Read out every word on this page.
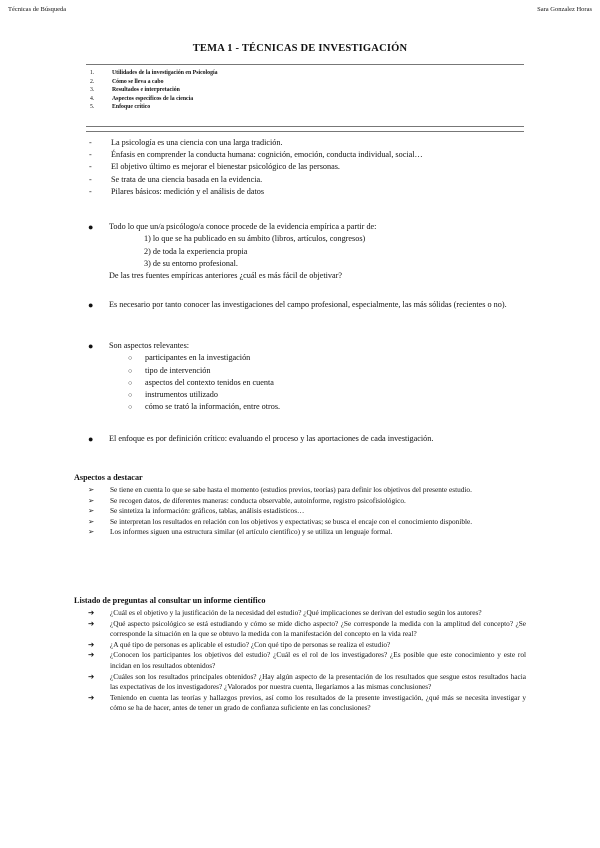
Técnicas de Búsqueda	Sara Gonzalez Horas
TEMA 1 - TÉCNICAS DE INVESTIGACIÓN
1.	Utilidades de la investigación en Psicología
2.	Cómo se lleva a cabo
3.	Resultados e interpretación
4.	Aspectos específicos de la ciencia
5.	Enfoque crítico
-	La psicología es una ciencia con una larga tradición.
-	Énfasis en comprender la conducta humana: cognición, emoción, conducta individual, social…
-	El objetivo último es mejorar el bienestar psicológico de las personas.
-	Se trata de una ciencia basada en la evidencia.
-	Pilares básicos: medición y el análisis de datos
● Todo lo que un/a psicólogo/a conoce procede de la evidencia empírica a partir de:
1) lo que se ha publicado en su ámbito (libros, artículos, congresos)
2) de toda la experiencia propia
3) de su entorno profesional.
De las tres fuentes empíricas anteriores ¿cuál es más fácil de objetivar?
● Es necesario por tanto conocer las investigaciones del campo profesional, especialmente, las más sólidas (recientes o no).
● Son aspectos relevantes:
○	participantes en la investigación
○	tipo de intervención
○	aspectos del contexto tenidos en cuenta
○	instrumentos utilizado
○	cómo se trató la información, entre otros.
● El enfoque es por definición crítico: evaluando el proceso y las aportaciones de cada investigación.
Aspectos a destacar
➢	Se tiene en cuenta lo que se sabe hasta el momento (estudios previos, teorías) para definir los objetivos del presente estudio.
➢	Se recogen datos, de diferentes maneras: conducta observable, autoinforme, registro psicofisiológico.
➢	Se sintetiza la información: gráficos, tablas, análisis estadísticos…
➢	Se interpretan los resultados en relación con los objetivos y expectativas; se busca el encaje con el conocimiento disponible.
➢	Los informes siguen una estructura similar (el artículo científico) y se utiliza un lenguaje formal.
Listado de preguntas al consultar un informe científico
➔	¿Cuál es el objetivo y la justificación de la necesidad del estudio? ¿Qué implicaciones se derivan del estudio según los autores?
➔	¿Qué aspecto psicológico se está estudiando y cómo se mide dicho aspecto? ¿Se corresponde la medida con la amplitud del concepto? ¿Se corresponde la situación en la que se obtuvo la medida con la manifestación del concepto en la vida real?
➔	¿A qué tipo de personas es aplicable el estudio? ¿Con qué tipo de personas se realiza el estudio?
➔	¿Conocen los participantes los objetivos del estudio? ¿Cuál es el rol de los investigadores? ¿Es posible que este conocimiento y este rol incidan en los resultados obtenidos?
➔	¿Cuáles son los resultados principales obtenidos? ¿Hay algún aspecto de la presentación de los resultados que sesgue estos resultados hacia las expectativas de los investigadores? ¿Valorados por nuestra cuenta, llegaríamos a las mismas conclusiones?
➔	Teniendo en cuenta las teorías y hallazgos previos, así como los resultados de la presente investigación, ¿qué más se necesita investigar y cómo se ha de hacer, antes de tener un grado de confianza suficiente en las conclusiones?
